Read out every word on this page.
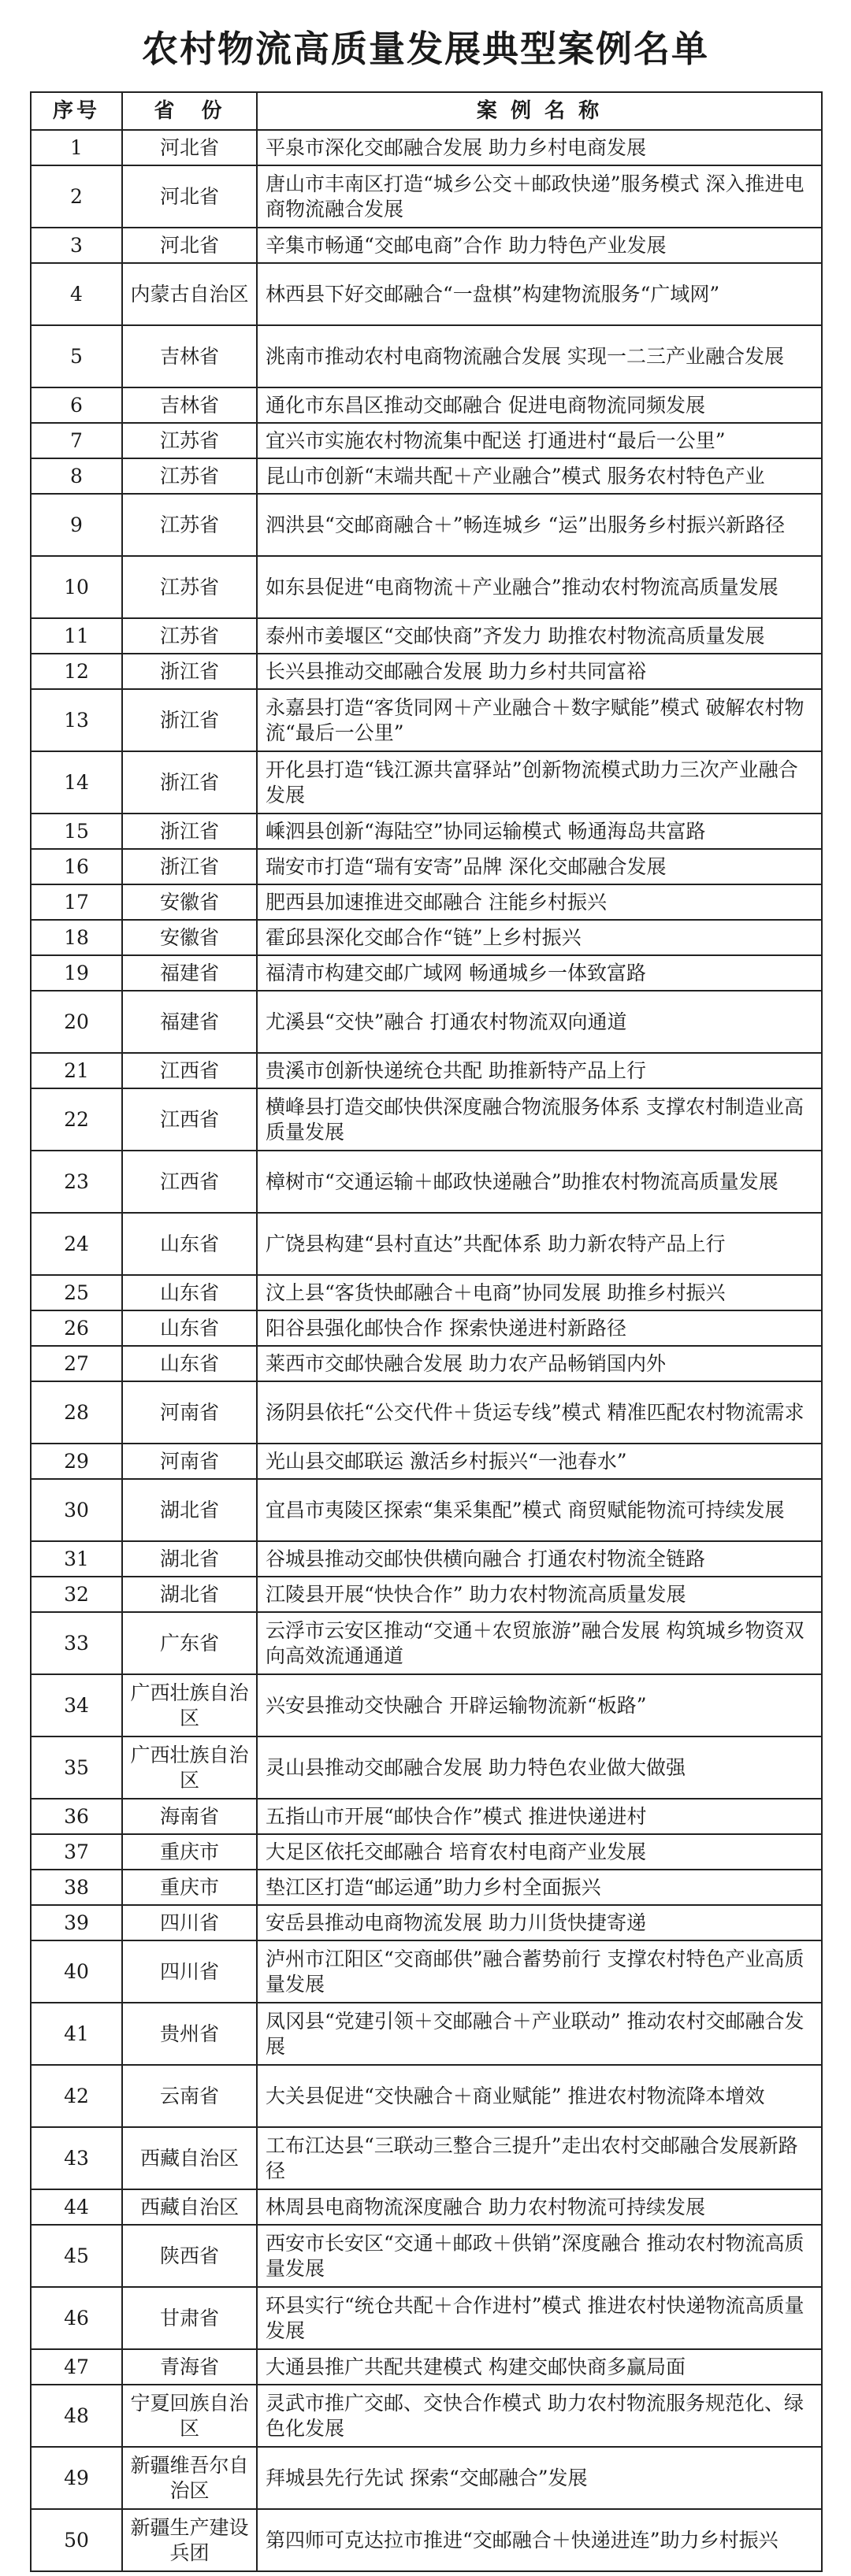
农村物流高质量发展典型案例名单
序号	省　份	案 例 名 称
1	河北省	平泉市深化交邮融合发展 助力乡村电商发展
2	河北省	唐山市丰南区打造“城乡公交＋邮政快递”服务模式 深入推进电商物流融合发展
3	河北省	辛集市畅通“交邮电商”合作 助力特色产业发展
4	内蒙古自治区	林西县下好交邮融合“一盘棋”构建物流服务“广域网”
5	吉林省	洮南市推动农村电商物流融合发展 实现一二三产业融合发展
6	吉林省	通化市东昌区推动交邮融合 促进电商物流同频发展
7	江苏省	宜兴市实施农村物流集中配送 打通进村“最后一公里”
8	江苏省	昆山市创新“末端共配＋产业融合”模式 服务农村特色产业
9	江苏省	泗洪县“交邮商融合＋”畅连城乡 “运”出服务乡村振兴新路径
10	江苏省	如东县促进“电商物流＋产业融合”推动农村物流高质量发展
11	江苏省	泰州市姜堰区“交邮快商”齐发力 助推农村物流高质量发展
12	浙江省	长兴县推动交邮融合发展 助力乡村共同富裕
13	浙江省	永嘉县打造“客货同网＋产业融合＋数字赋能”模式 破解农村物流“最后一公里”
14	浙江省	开化县打造“钱江源共富驿站”创新物流模式助力三次产业融合发展
15	浙江省	嵊泗县创新“海陆空”协同运输模式 畅通海岛共富路
16	浙江省	瑞安市打造“瑞有安寄”品牌 深化交邮融合发展
17	安徽省	肥西县加速推进交邮融合 注能乡村振兴
18	安徽省	霍邱县深化交邮合作“链”上乡村振兴
19	福建省	福清市构建交邮广域网 畅通城乡一体致富路
20	福建省	尤溪县“交快”融合 打通农村物流双向通道
21	江西省	贵溪市创新快递统仓共配 助推新特产品上行
22	江西省	横峰县打造交邮快供深度融合物流服务体系 支撑农村制造业高质量发展
23	江西省	樟树市“交通运输＋邮政快递融合”助推农村物流高质量发展
24	山东省	广饶县构建“县村直达”共配体系 助力新农特产品上行
25	山东省	汶上县“客货快邮融合＋电商”协同发展 助推乡村振兴
26	山东省	阳谷县强化邮快合作 探索快递进村新路径
27	山东省	莱西市交邮快融合发展 助力农产品畅销国内外
28	河南省	汤阴县依托“公交代件＋货运专线”模式 精准匹配农村物流需求
29	河南省	光山县交邮联运 激活乡村振兴“一池春水”
30	湖北省	宜昌市夷陵区探索“集采集配”模式 商贸赋能物流可持续发展
31	湖北省	谷城县推动交邮快供横向融合 打通农村物流全链路
32	湖北省	江陵县开展“快快合作” 助力农村物流高质量发展
33	广东省	云浮市云安区推动“交通＋农贸旅游”融合发展 构筑城乡物资双向高效流通通道
34	广西壮族自治区	兴安县推动交快融合 开辟运输物流新“板路”
35	广西壮族自治区	灵山县推动交邮融合发展 助力特色农业做大做强
36	海南省	五指山市开展“邮快合作”模式 推进快递进村
37	重庆市	大足区依托交邮融合 培育农村电商产业发展
38	重庆市	垫江区打造“邮运通”助力乡村全面振兴
39	四川省	安岳县推动电商物流发展 助力川货快捷寄递
40	四川省	泸州市江阳区“交商邮供”融合蓄势前行 支撑农村特色产业高质量发展
41	贵州省	凤冈县“党建引领＋交邮融合＋产业联动” 推动农村交邮融合发展
42	云南省	大关县促进“交快融合＋商业赋能” 推进农村物流降本增效
43	西藏自治区	工布江达县“三联动三整合三提升”走出农村交邮融合发展新路径
44	西藏自治区	林周县电商物流深度融合 助力农村物流可持续发展
45	陕西省	西安市长安区“交通＋邮政＋供销”深度融合 推动农村物流高质量发展
46	甘肃省	环县实行“统仓共配＋合作进村”模式 推进农村快递物流高质量发展
47	青海省	大通县推广共配共建模式 构建交邮快商多赢局面
48	宁夏回族自治区	灵武市推广交邮、交快合作模式 助力农村物流服务规范化、绿色化发展
49	新疆维吾尔自治区	拜城县先行先试 探索“交邮融合”发展
50	新疆生产建设兵团	第四师可克达拉市推进“交邮融合＋快递进连”助力乡村振兴
